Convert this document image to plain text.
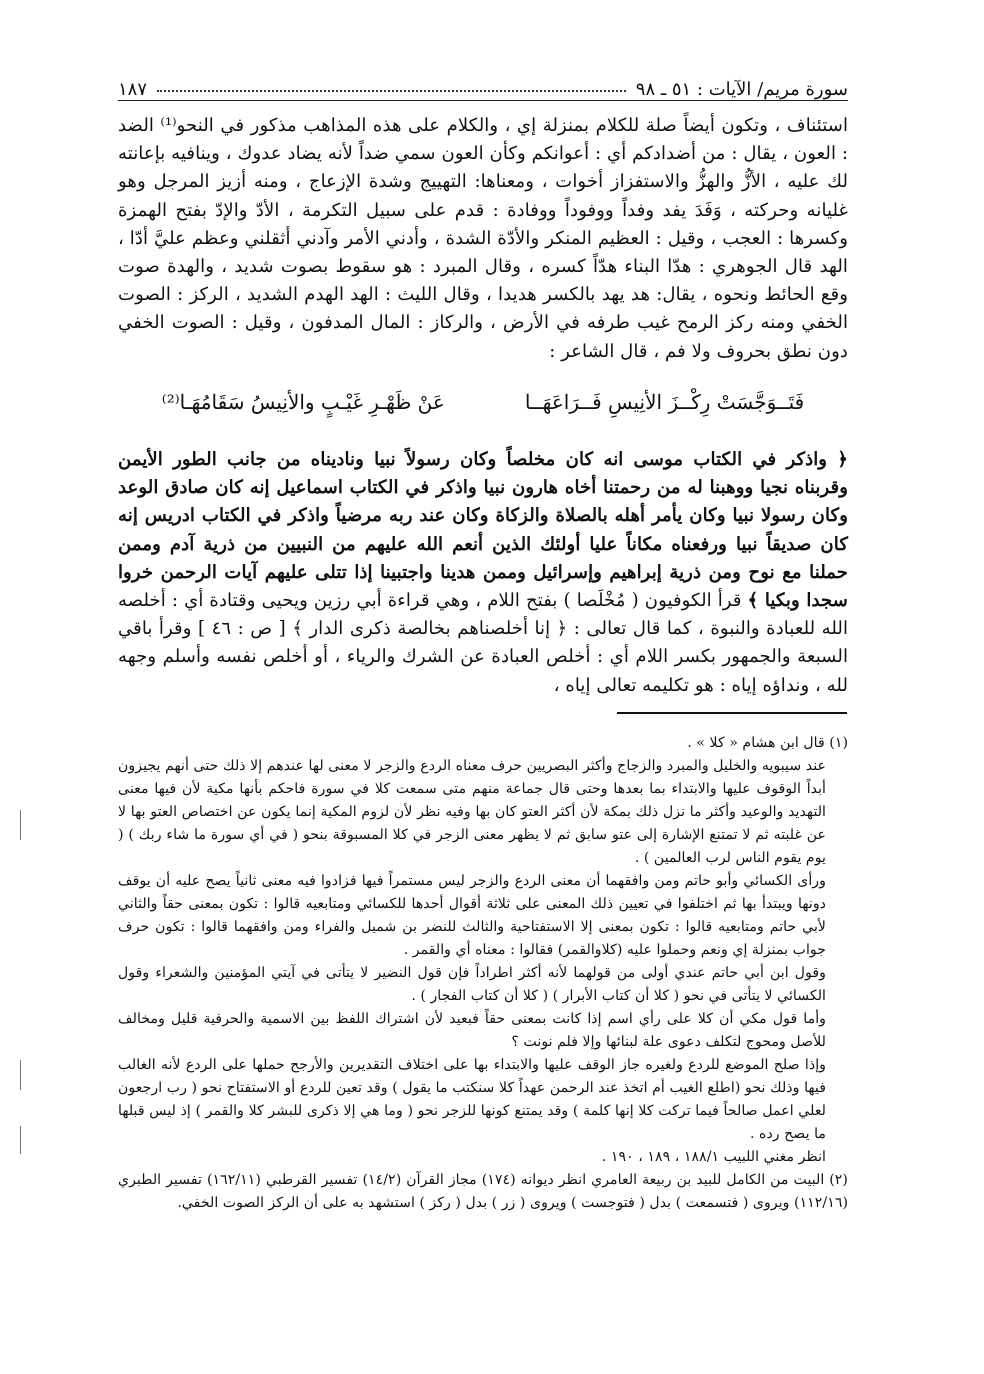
سورة مريم/ الآيات : ٥١ ـ ٩٨
١٨٧

استئناف ، وتكون أيضاً صلة للكلام بمنزلة إي ، والكلام على هذه المذاهب مذكور في النحو⁽¹⁾ الضد : العون ، يقال : من أضدادكم أي : أعوانكم وكأن العون سمي ضداً لأنه يضاد عدوك ، وينافيه بإعانته لك عليه ، الأزُّ والهزُّ والاستفزاز أخوات ، ومعناها: التهييج وشدة الإزعاج ، ومنه أزيز المرجل وهو غليانه وحركته ، وَفَدَ يفد وفداً ووفوداً ووفادة : قدم على سبيل التكرمة ، الأدّ والإدّ بفتح الهمزة وكسرها : العجب ، وقيل : العظيم المنكر والأدّة الشدة ، وأدني الأمر وآدني أثقلني وعظم عليَّ أدّا ، الهد قال الجوهري : هدّا البناء هدّاً كسره ، وقال المبرد : هو سقوط بصوت شديد ، والهدة صوت وقع الحائط ونحوه ، يقال: هد يهد بالكسر هديدا ، وقال الليث : الهد الهدم الشديد ، الركز : الصوت الخفي ومنه ركز الرمح غيب طرفه في الأرض ، والركاز : المال المدفون ، وقيل : الصوت الخفي دون نطق بحروف ولا فم ، قال الشاعر :

فَتَــوَجَّسَتْ رِكْــزَ الأنِيسِ فَــرَاعَهَــا
عَنْ ظَهْـرِ غَيْـبٍ والأنِيسُ سَقَامُهَـا⁽²⁾

﴿ واذكر في الكتاب موسى انه كان مخلصاً وكان رسولاً نبيا وناديناه من جانب الطور الأيمن وقربناه نجيا ووهبنا له من رحمتنا أخاه هارون نبيا واذكر في الكتاب اسماعيل إنه كان صادق الوعد وكان رسولا نبيا وكان يأمر أهله بالصلاة والزكاة وكان عند ربه مرضياً واذكر في الكتاب ادريس إنه كان صديقاً نبيا ورفعناه مكاناً عليا أولئك الذين أنعم الله عليهم من النبيين من ذرية آدم وممن حملنا مع نوح ومن ذرية إبراهيم وإسرائيل وممن هدينا واجتبينا إذا تتلى عليهم آيات الرحمن خروا سجدا وبكيا ﴾ قرأ الكوفيون ( مُخْلَصا ) بفتح اللام ، وهي قراءة أبي رزين ويحيى وقتادة أي : أخلصه الله للعبادة والنبوة ، كما قال تعالى : ﴿ إنا أخلصناهم بخالصة ذكرى الدار ﴾ [ ص : ٤٦ ] وقرأ باقي السبعة والجمهور بكسر اللام أي : أخلص العبادة عن الشرك والرياء ، أو أخلص نفسه وأسلم وجهه لله ، ونداؤه إياه : هو تكليمه تعالى إياه ،

(١) قال ابن هشام « كلا » .

عند سيبويه والخليل والمبرد والزجاج وأكثر البصريين حرف معناه الردع والزجر لا معنى لها عندهم إلا ذلك حتى أنهم يجيزون أبداً الوقوف عليها والابتداء بما بعدها وحتى قال جماعة منهم متى سمعت كلا في سورة فاحكم بأنها مكية لأن فيها معنى التهديد والوعيد وأكثر ما نزل ذلك بمكة لأن أكثر العتو كان بها وفيه نظر لأن لزوم المكية إنما يكون عن اختصاص العتو بها لا عن غلبته ثم لا تمتنع الإشارة إلى عتو سابق ثم لا يظهر معنى الزجر في كلا المسبوقة بنحو ( في أي سورة ما شاء ربك ) ( يوم يقوم الناس لرب العالمين ) .

ورأى الكسائي وأبو حاتم ومن وافقهما أن معنى الردع والزجر ليس مستمراً فيها فزادوا فيه معنى ثانياً يصح عليه أن يوقف دونها ويبتدأ بها ثم اختلفوا في تعيين ذلك المعنى على ثلاثة أقوال أحدها للكسائي ومتابعيه قالوا : تكون بمعنى حقاً والثاني لأبي حاتم ومتابعيه قالوا : تكون بمعنى إلا الاستفتاحية والثالث للنضر بن شميل والفراء ومن وافقهما قالوا : تكون حرف جواب بمنزلة إي ونعم وحملوا عليه (كلاوالقمر) فقالوا : معناه أي والقمر .

وقول ابن أبي حاتم عندي أولى من قولهما لأنه أكثر اطراداً فإن قول النضير لا يتأتى في آيتي المؤمنين والشعراء وقول الكسائي لا يتأتى في نحو ( كلا أن كتاب الأبرار ) ( كلا أن كتاب الفجار ) .

وأما قول مكي أن كلا على رأي اسم إذا كانت بمعنى حقاً فبعيد لأن اشتراك اللفظ بين الاسمية والحرفية قليل ومخالف للأصل ومحوج لتكلف دعوى علة لبنائها وإلا فلم نونت ؟

وإذا صلح الموضع للردع ولغيره جاز الوقف عليها والابتداء بها على اختلاف التقديرين والأرجح حملها على الردع لأنه الغالب فيها وذلك نحو (اطلع الغيب أم اتخذ عند الرحمن عهداً كلا سنكتب ما يقول ) وقد تعين للردع أو الاستفتاح نحو ( رب ارجعون لعلي اعمل صالحاً فيما تركت كلا إنها كلمة ) وقد يمتنع كونها للزجر نحو ( وما هي إلا ذكرى للبشر كلا والقمر ) إذ ليس قبلها ما يصح رده .

انظر مغني اللبيب ١٨٨/١ ، ١٨٩ ، ١٩٠ .

(٢) البيت من الكامل للبيد بن ربيعة العامري انظر ديوانه (١٧٤) مجاز القرآن (١٤/٢) تفسير القرطبي (١٦٢/١١) تفسير الطبري (١١٢/١٦) ويروى ( فتسمعت ) بدل ( فتوجست ) ويروى ( زر ) بدل ( ركز ) استشهد به على أن الركز الصوت الخفي.
